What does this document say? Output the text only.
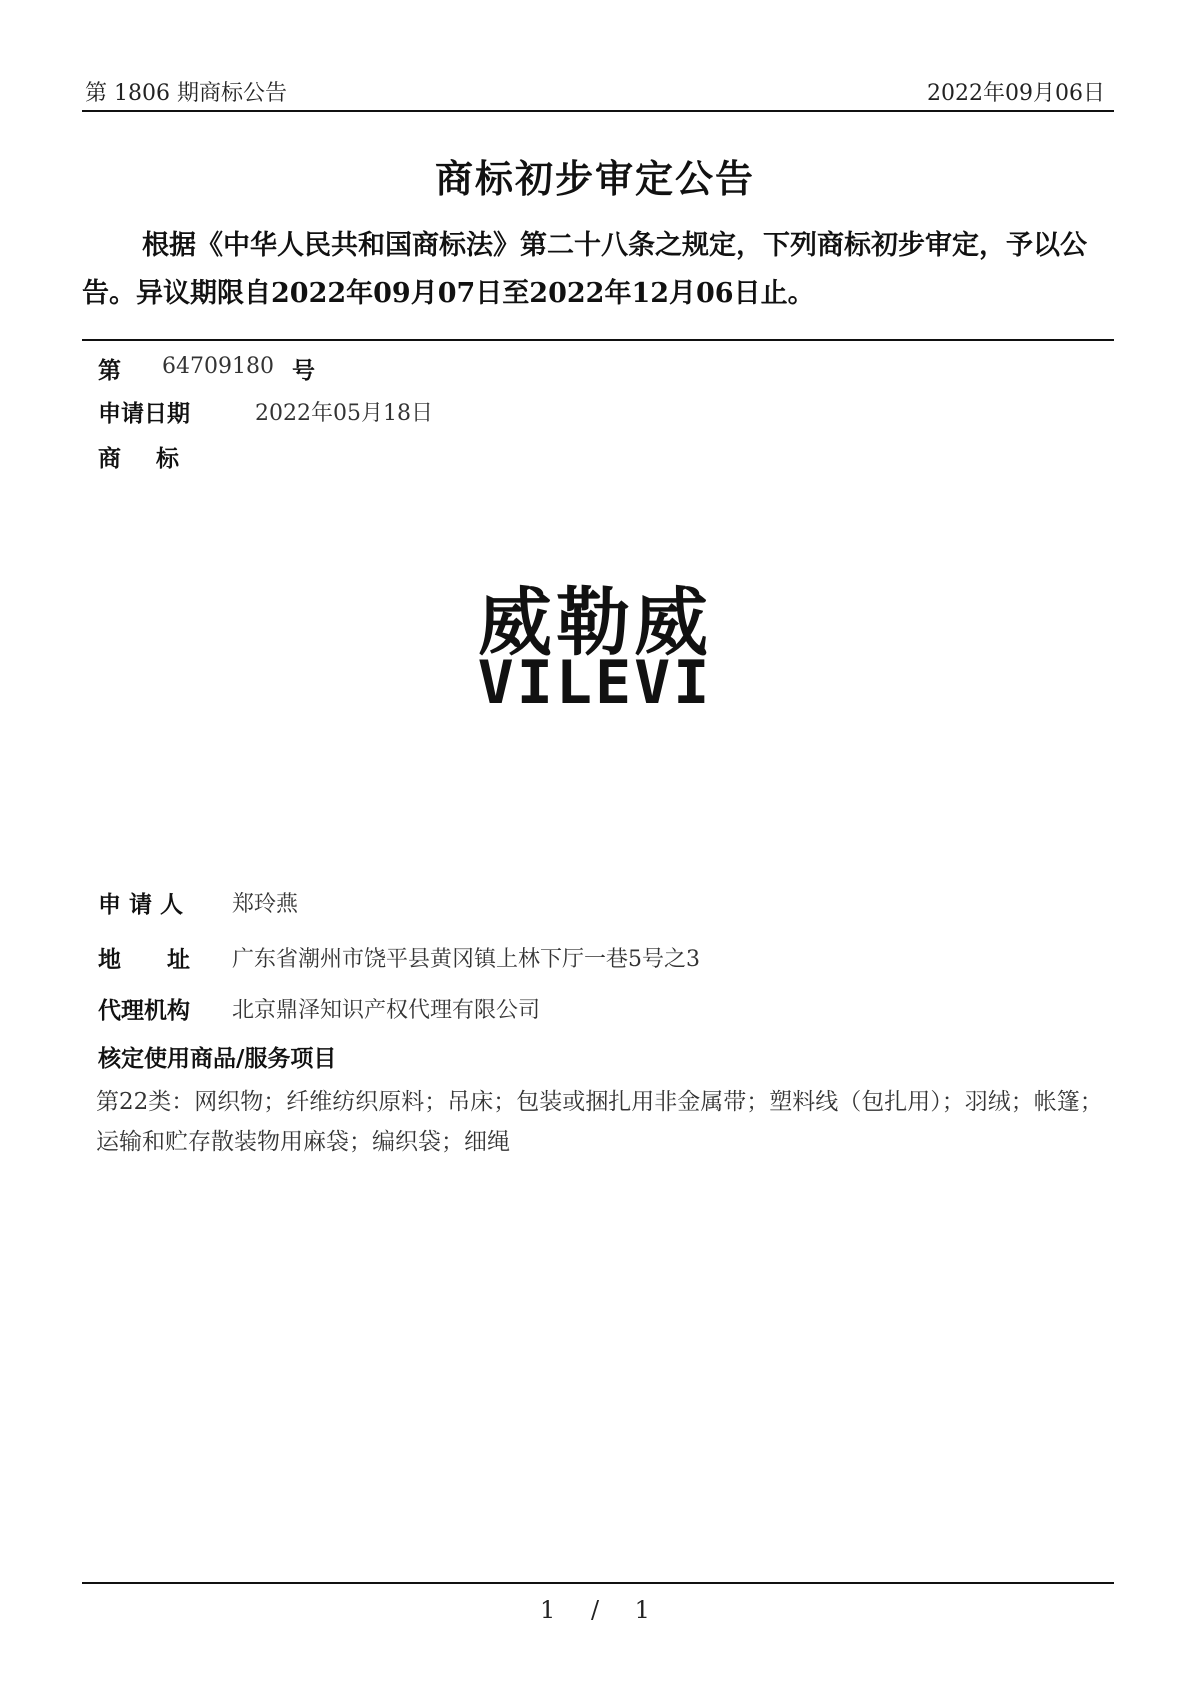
第 1806 期商标公告	2022年09月06日
商标初步审定公告
根据《中华人民共和国商标法》第二十八条之规定，下列商标初步审定，予以公告。异议期限自2022年09月07日至2022年12月06日止。
第 64709180 号
申请日期	2022年05月18日
商　标
威勒威
VILEVI
申 请 人 郑玲燕
地　　址 广东省潮州市饶平县黄冈镇上林下厅一巷5号之3
代理机构 北京鼎泽知识产权代理有限公司
核定使用商品/服务项目
第22类：网织物；纤维纺织原料；吊床；包装或捆扎用非金属带；塑料线（包扎用）；羽绒；帐篷；运输和贮存散装物用麻袋；编织袋；细绳
1 / 1
